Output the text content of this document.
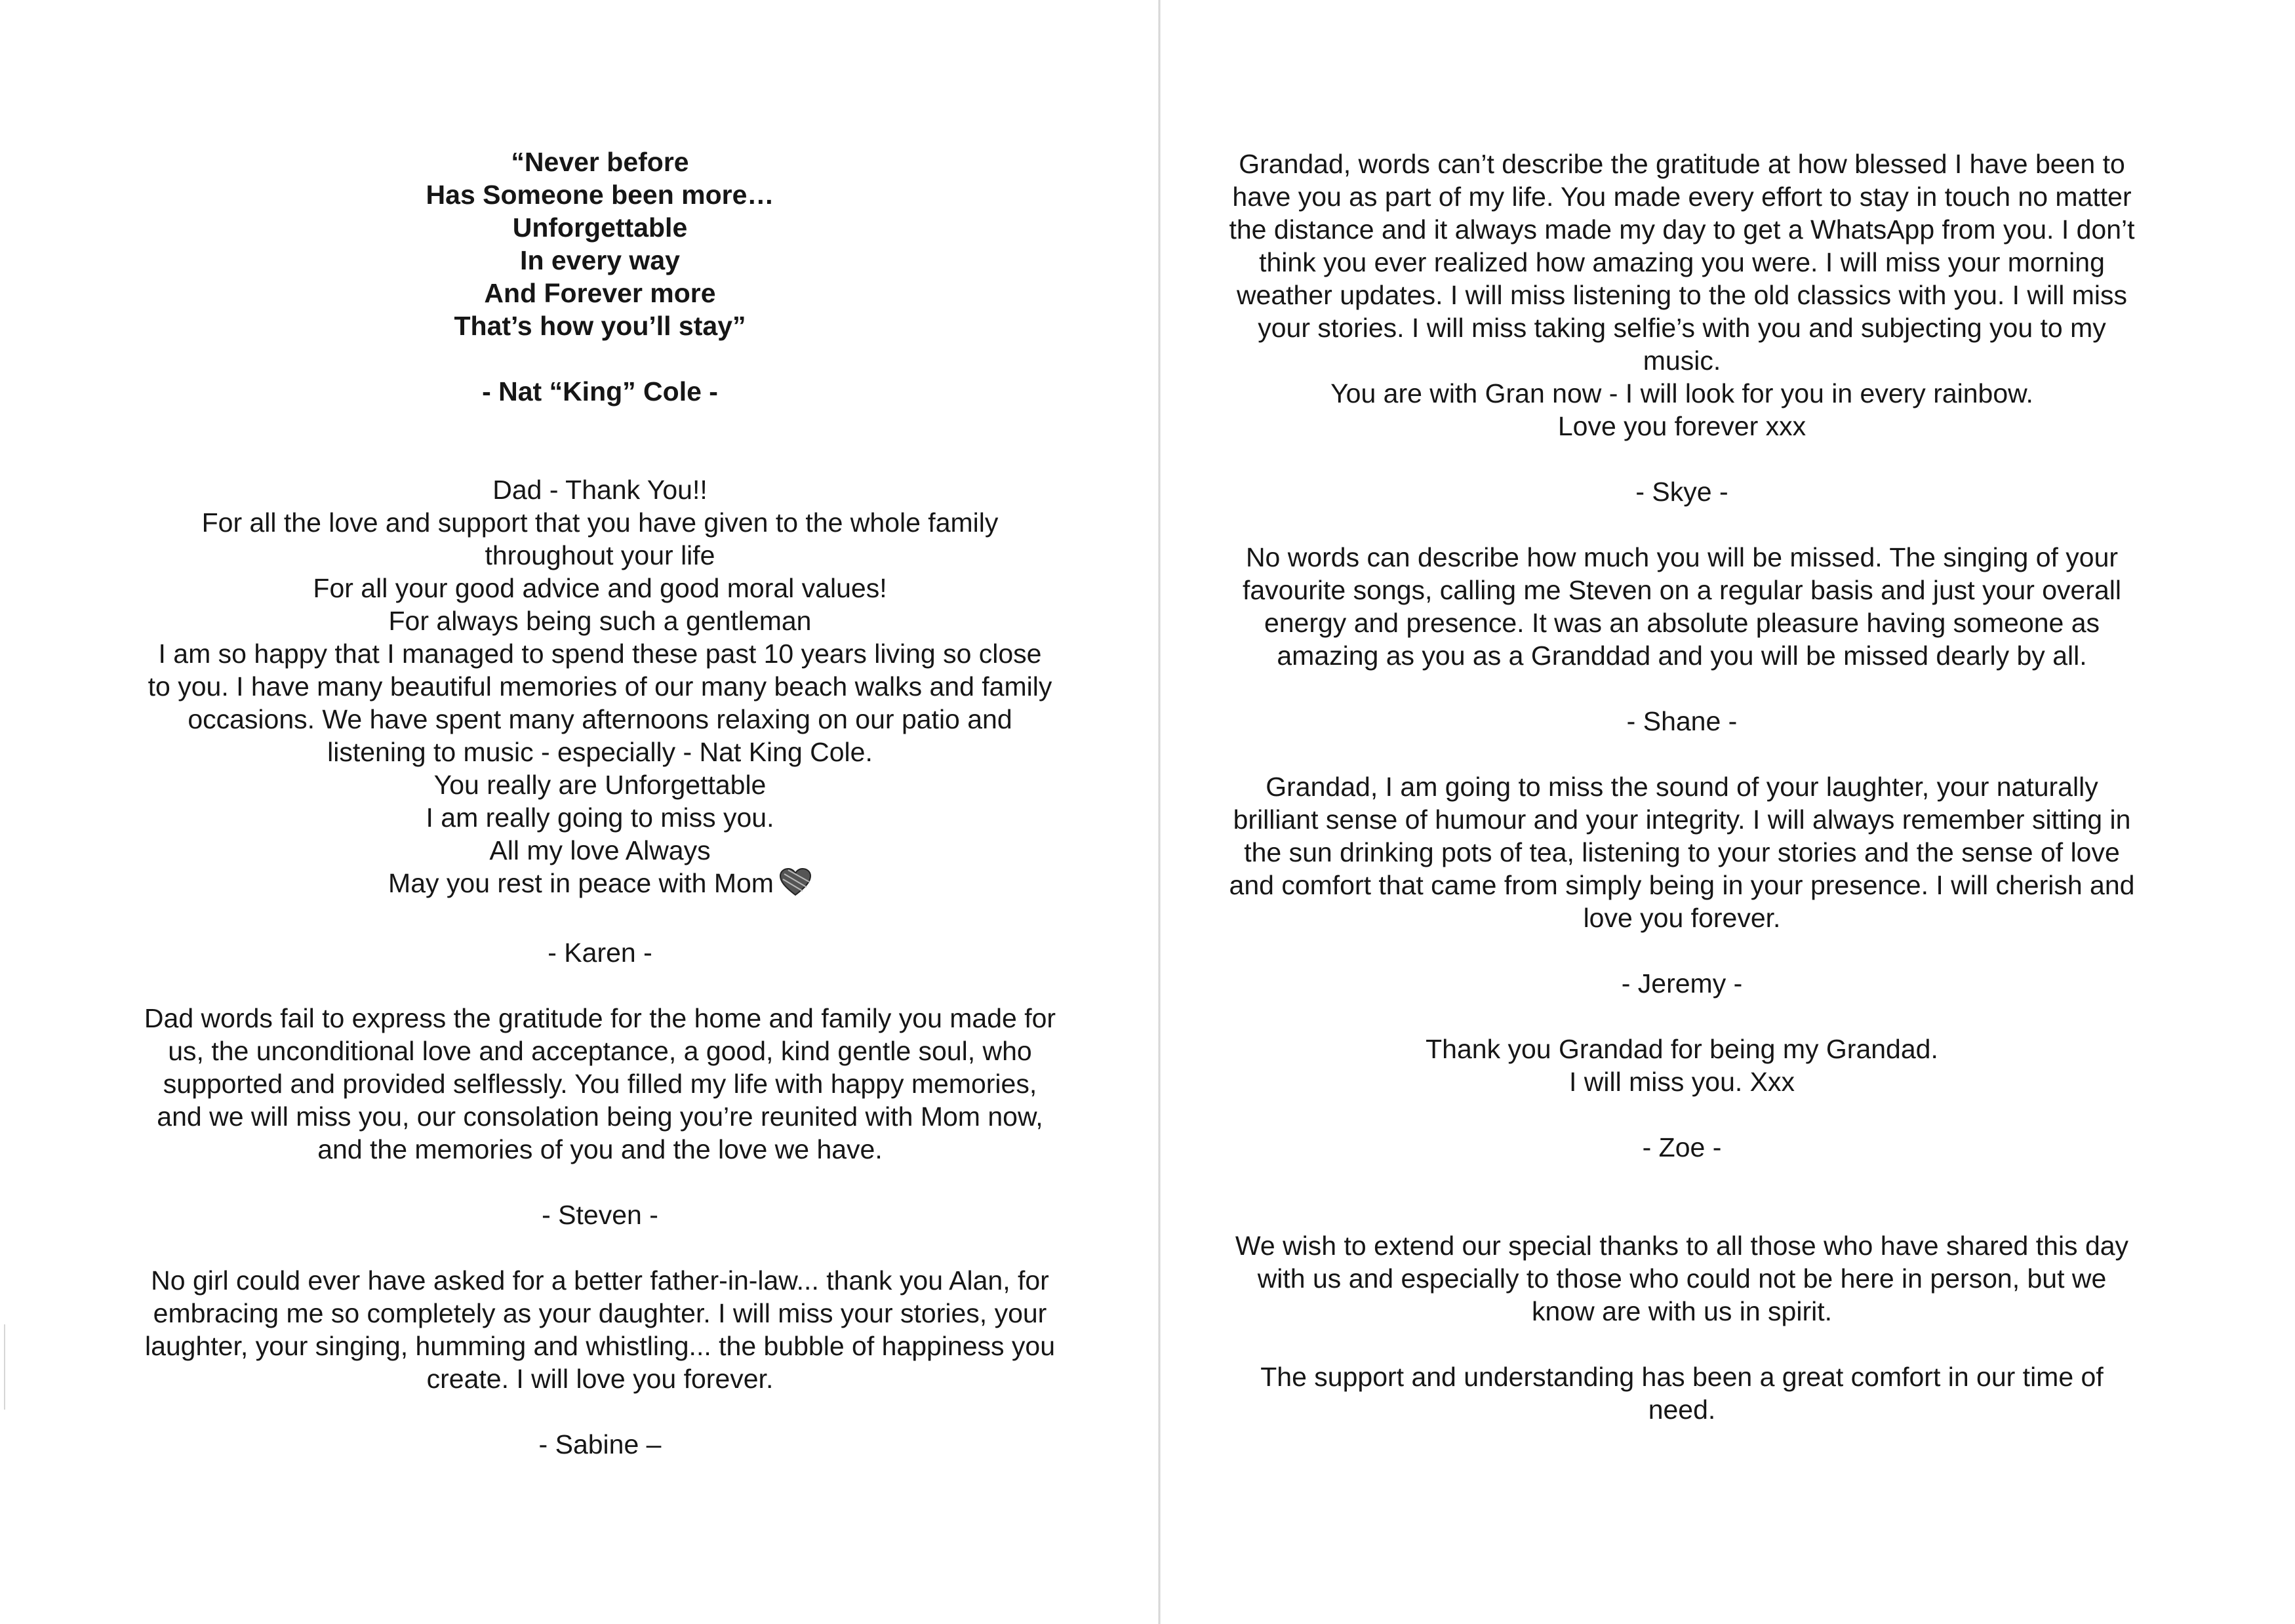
“Never before

Has Someone been more…

Unforgettable

In every way

And Forever more

That’s how you’ll stay”

- Nat “King” Cole -

Dad - Thank You!!
For all the love and support that you have given to the whole family
throughout your life
For all your good advice and good moral values!
For always being such a gentleman
I am so happy that I managed to spend these past 10 years living so close
to you. I have many beautiful memories of our many beach walks and family
occasions. We have spent many afternoons relaxing on our patio and
listening to music - especially - Nat King Cole.
You really are Unforgettable
I am really going to miss you.
All my love Always

May you rest in peace with Mom

- Karen -

Dad words fail to express the gratitude for the home and family you made for
us, the unconditional love and acceptance, a good, kind gentle soul, who
supported and provided selflessly. You filled my life with happy memories,
and we will miss you, our consolation being you’re reunited with Mom now,
and the memories of you and the love we have.

- Steven -

No girl could ever have asked for a better father-in-law... thank you Alan, for
embracing me so completely as your daughter. I will miss your stories, your
laughter, your singing, humming and whistling... the bubble of happiness you
create. I will love you forever.

- Sabine –

Grandad, words can’t describe the gratitude at how blessed I have been to
have you as part of my life. You made every effort to stay in touch no matter
the distance and it always made my day to get a WhatsApp from you. I don’t
think you ever realized how amazing you were. I will miss your morning
weather updates. I will miss listening to the old classics with you. I will miss
your stories. I will miss taking selfie’s with you and subjecting you to my
music.
You are with Gran now - I will look for you in every rainbow.
Love you forever xxx

- Skye -

No words can describe how much you will be missed. The singing of your
favourite songs, calling me Steven on a regular basis and just your overall
energy and presence. It was an absolute pleasure having someone as
amazing as you as a Granddad and you will be missed dearly by all.

- Shane -

Grandad, I am going to miss the sound of your laughter, your naturally
brilliant sense of humour and your integrity. I will always remember sitting in
the sun drinking pots of tea, listening to your stories and the sense of love
and comfort that came from simply being in your presence. I will cherish and
love you forever.

- Jeremy -

Thank you Grandad for being my Grandad.
I will miss you. Xxx

- Zoe -

We wish to extend our special thanks to all those who have shared this day
with us and especially to those who could not be here in person, but we
know are with us in spirit.

The support and understanding has been a great comfort in our time of
need.
